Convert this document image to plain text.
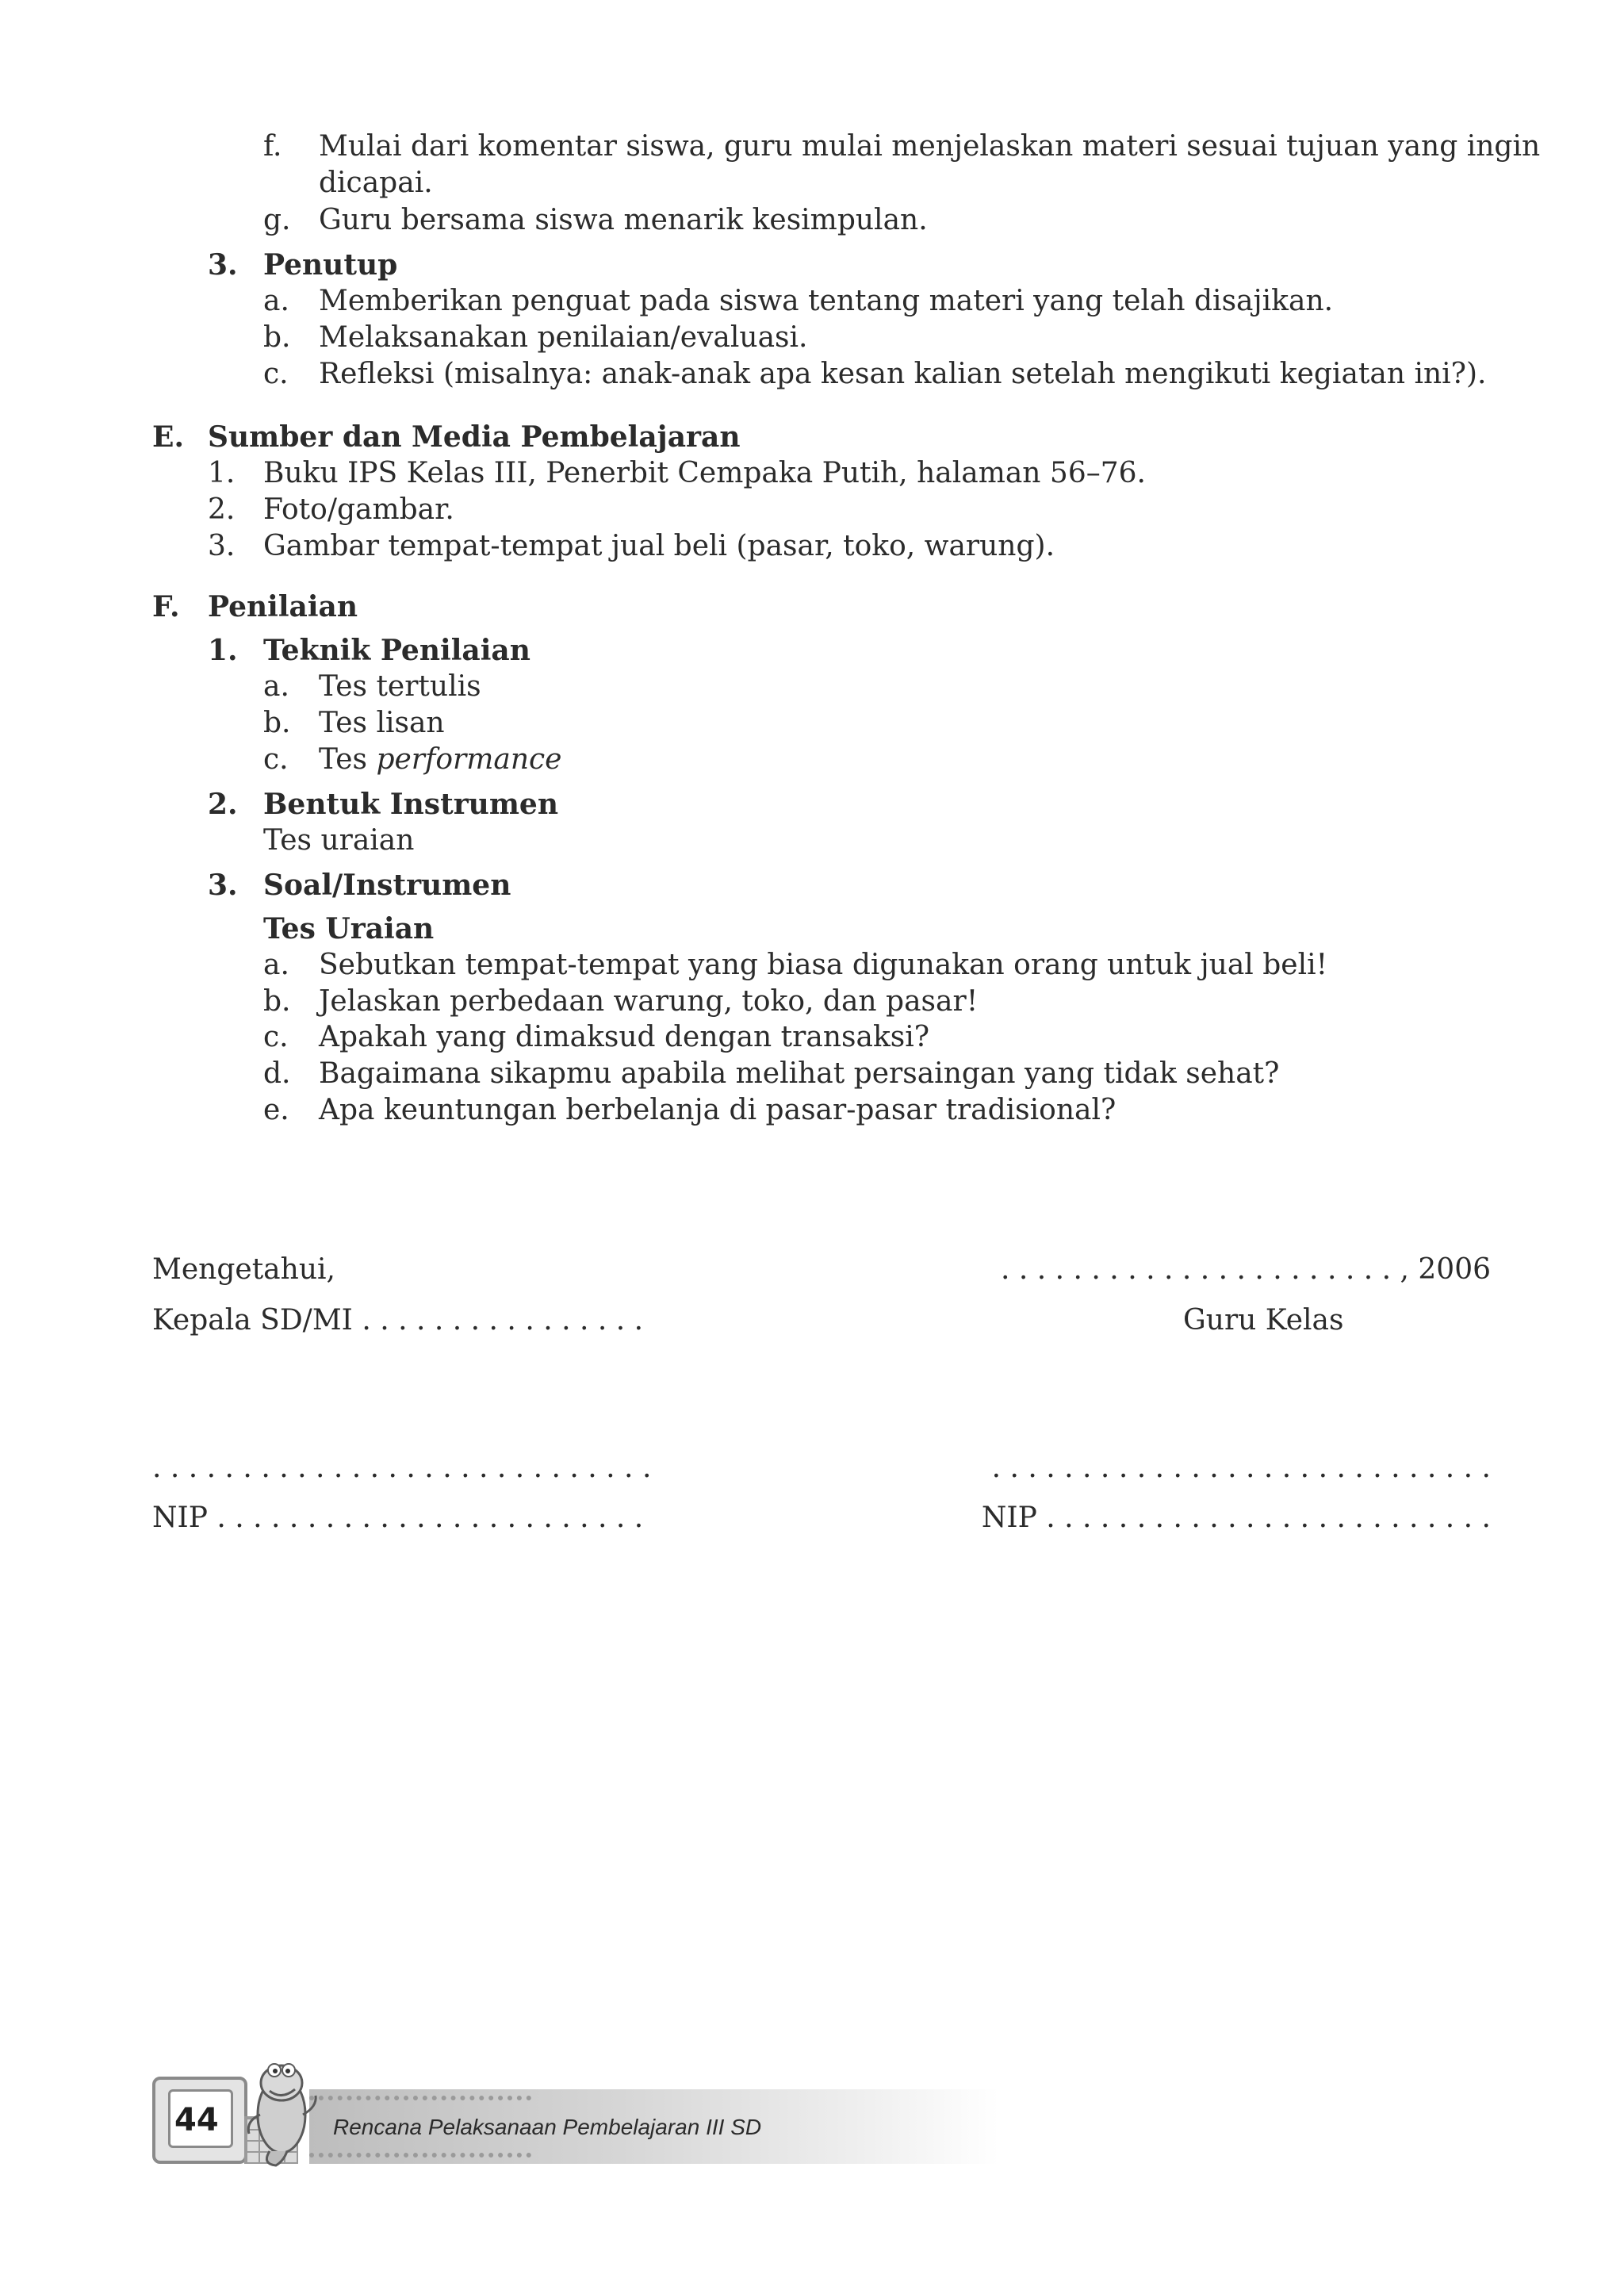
f. Mulai dari komentar siswa, guru mulai menjelaskan materi sesuai tujuan yang ingin
dicapai.
g. Guru bersama siswa menarik kesimpulan.
3. Penutup
a. Memberikan penguat pada siswa tentang materi yang telah disajikan.
b. Melaksanakan penilaian/evaluasi.
c. Refleksi (misalnya: anak-anak apa kesan kalian setelah mengikuti kegiatan ini?).
E. Sumber dan Media Pembelajaran
1. Buku IPS Kelas III, Penerbit Cempaka Putih, halaman 56–76.
2. Foto/gambar.
3. Gambar tempat-tempat jual beli (pasar, toko, warung).
F. Penilaian
1. Teknik Penilaian
a. Tes tertulis
b. Tes lisan
c. Tes performance
2. Bentuk Instrumen
Tes uraian
3. Soal/Instrumen
Tes Uraian
a. Sebutkan tempat-tempat yang biasa digunakan orang untuk jual beli!
b. Jelaskan perbedaan warung, toko, dan pasar!
c. Apakah yang dimaksud dengan transaksi?
d. Bagaimana sikapmu apabila melihat persaingan yang tidak sehat?
e. Apa keuntungan berbelanja di pasar-pasar tradisional?
Mengetahui,	. . . . . . . . . . . . . . . . . . . . . . , 2006
Kepala SD/MI . . . . . . . . . . . . . . . .	Guru Kelas
. . . . . . . . . . . . . . . . . . . . . . . . . . . .	. . . . . . . . . . . . . . . . . . . . . . . . . . . .
NIP . . . . . . . . . . . . . . . . . . . . . . . .	NIP . . . . . . . . . . . . . . . . . . . . . . . . .
44	Rencana Pelaksanaan Pembelajaran III SD
